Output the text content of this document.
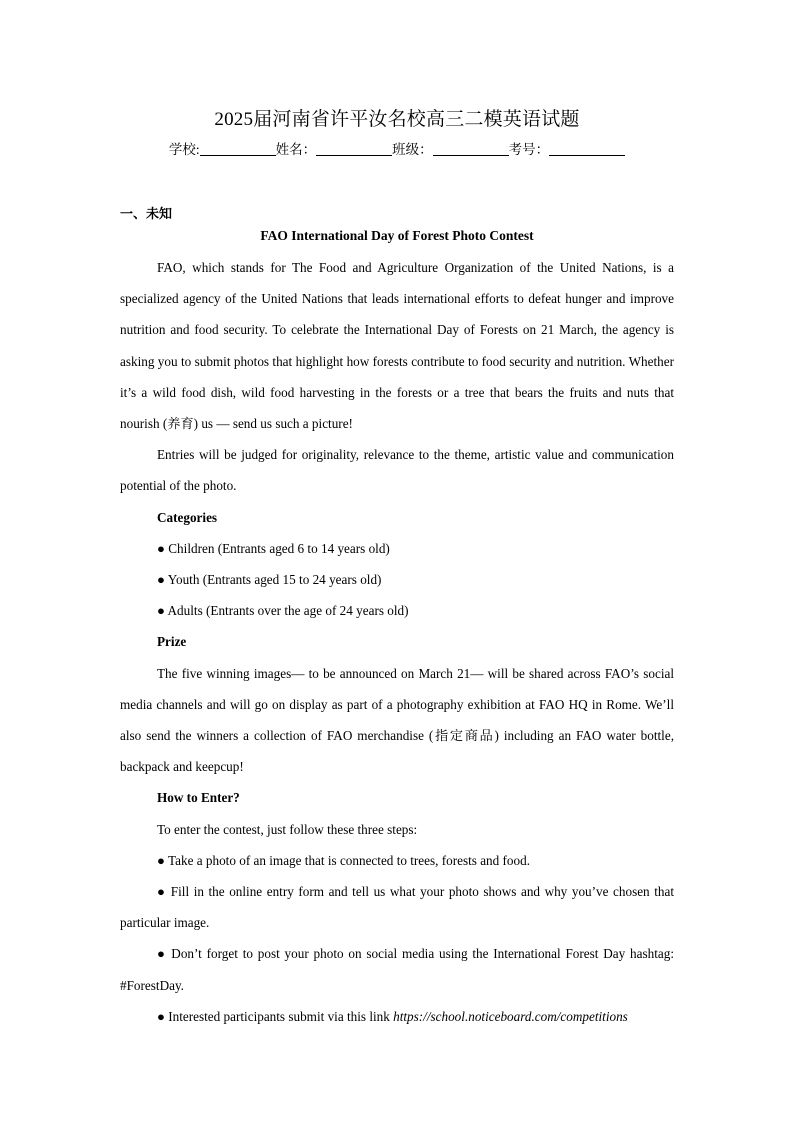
2025届河南省许平汝名校高三二模英语试题
学校:	姓名：	班级：	考号：
一、未知
FAO International Day of Forest Photo Contest

FAO, which stands for The Food and Agriculture Organization of the United Nations, is a specialized agency of the United Nations that leads international efforts to defeat hunger and improve nutrition and food security. To celebrate the International Day of Forests on 21 March, the agency is asking you to submit photos that highlight how forests contribute to food security and nutrition. Whether it’s a wild food dish, wild food harvesting in the forests or a tree that bears the fruits and nuts that nourish (养育) us — send us such a picture!

Entries will be judged for originality, relevance to the theme, artistic value and communication potential of the photo.

Categories

● Children (Entrants aged 6 to 14 years old)

● Youth (Entrants aged 15 to 24 years old)

● Adults (Entrants over the age of 24 years old)

Prize

The five winning images— to be announced on March 21— will be shared across FAO’s social media channels and will go on display as part of a photography exhibition at FAO HQ in Rome. We’ll also send the winners a collection of FAO merchandise (指定商品) including an FAO water bottle, backpack and keepcup!

How to Enter?

To enter the contest, just follow these three steps:

● Take a photo of an image that is connected to trees, forests and food.

● Fill in the online entry form and tell us what your photo shows and why you’ve chosen that particular image.

● Don’t forget to post your photo on social media using the International Forest Day hashtag: #ForestDay.

● Interested participants submit via this link https://school.noticeboard.com/competitions
